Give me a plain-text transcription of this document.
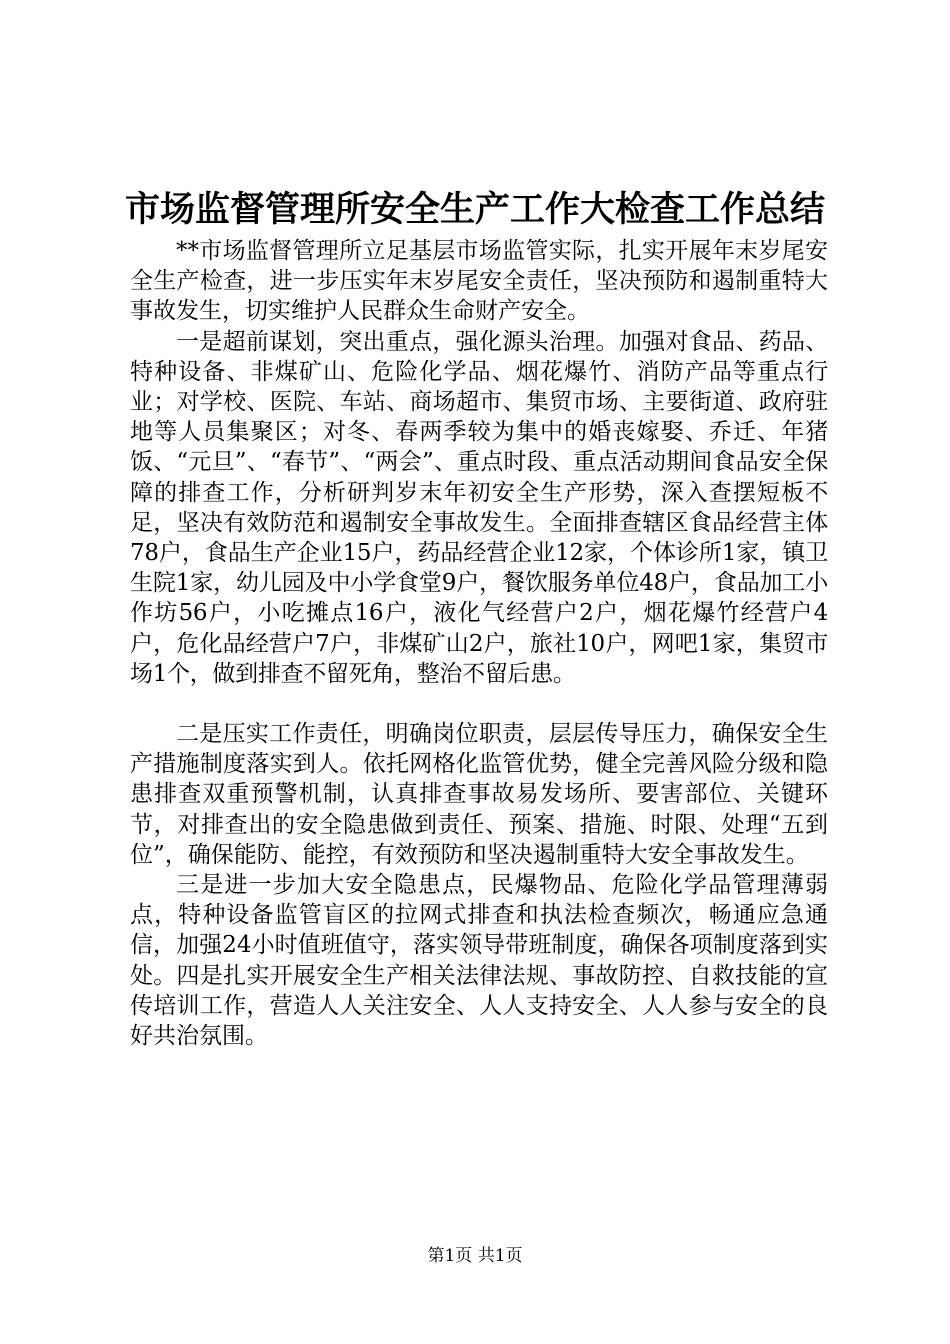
市场监督管理所安全生产工作大检查工作总结

**市场监督管理所立足基层市场监管实际，扎实开展年末岁尾安全生产检查，进一步压实年末岁尾安全责任，坚决预防和遏制重特大事故发生，切实维护人民群众生命财产安全。

一是超前谋划，突出重点，强化源头治理。加强对食品、药品、特种设备、非煤矿山、危险化学品、烟花爆竹、消防产品等重点行业；对学校、医院、车站、商场超市、集贸市场、主要街道、政府驻地等人员集聚区；对冬、春两季较为集中的婚丧嫁娶、乔迁、年猪饭、“元旦”、“春节”、“两会”、重点时段、重点活动期间食品安全保障的排查工作，分析研判岁末年初安全生产形势，深入查摆短板不足，坚决有效防范和遏制安全事故发生。全面排查辖区食品经营主体78户，食品生产企业15户，药品经营企业12家，个体诊所1家，镇卫生院1家，幼儿园及中小学食堂9户，餐饮服务单位48户，食品加工小作坊56户，小吃摊点16户，液化气经营户2户，烟花爆竹经营户4户，危化品经营户7户，非煤矿山2户，旅社10户，网吧1家，集贸市场1个，做到排查不留死角，整治不留后患。

二是压实工作责任，明确岗位职责，层层传导压力，确保安全生产措施制度落实到人。依托网格化监管优势，健全完善风险分级和隐患排查双重预警机制，认真排查事故易发场所、要害部位、关键环节，对排查出的安全隐患做到责任、预案、措施、时限、处理“五到位”，确保能防、能控，有效预防和坚决遏制重特大安全事故发生。

三是进一步加大安全隐患点，民爆物品、危险化学品管理薄弱点，特种设备监管盲区的拉网式排查和执法检查频次，畅通应急通信，加强24小时值班值守，落实领导带班制度，确保各项制度落到实处。四是扎实开展安全生产相关法律法规、事故防控、自救技能的宣传培训工作，营造人人关注安全、人人支持安全、人人参与安全的良好共治氛围。

第1页 共1页
